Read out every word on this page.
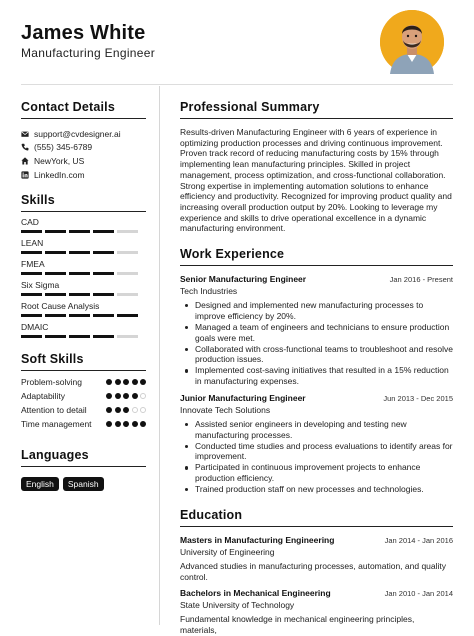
James White
Manufacturing Engineer
Contact Details
support@cvdesigner.ai
(555) 345-6789
NewYork, US
LinkedIn.com
Skills
CAD
LEAN
FMEA
Six Sigma
Root Cause Analysis
DMAIC
Soft Skills
Problem-solving
Adaptability
Attention to detail
Time management
Languages
English	Spanish
Professional Summary
Results-driven Manufacturing Engineer with 6 years of experience in optimizing production processes and driving continuous improvement. Proven track record of reducing manufacturing costs by 15% through implementing lean manufacturing principles. Skilled in project management, process optimization, and cross-functional collaboration. Strong expertise in implementing automation solutions to enhance efficiency and productivity. Recognized for improving product quality and increasing overall production output by 20%. Looking to leverage my experience and skills to drive operational excellence in a dynamic manufacturing environment.
Work Experience
Senior Manufacturing Engineer	Jan 2016 - Present
Tech Industries
Designed and implemented new manufacturing processes to improve efficiency by 20%.
Managed a team of engineers and technicians to ensure production goals were met.
Collaborated with cross-functional teams to troubleshoot and resolve production issues.
Implemented cost-saving initiatives that resulted in a 15% reduction in manufacturing expenses.
Junior Manufacturing Engineer	Jun 2013 - Dec 2015
Innovate Tech Solutions
Assisted senior engineers in developing and testing new manufacturing processes.
Conducted time studies and process evaluations to identify areas for improvement.
Participated in continuous improvement projects to enhance production efficiency.
Trained production staff on new processes and technologies.
Education
Masters in Manufacturing Engineering	Jan 2014 - Jan 2016
University of Engineering
Advanced studies in manufacturing processes, automation, and quality control.
Bachelors in Mechanical Engineering	Jan 2010 - Jan 2014
State University of Technology
Fundamental knowledge in mechanical engineering principles, materials,
